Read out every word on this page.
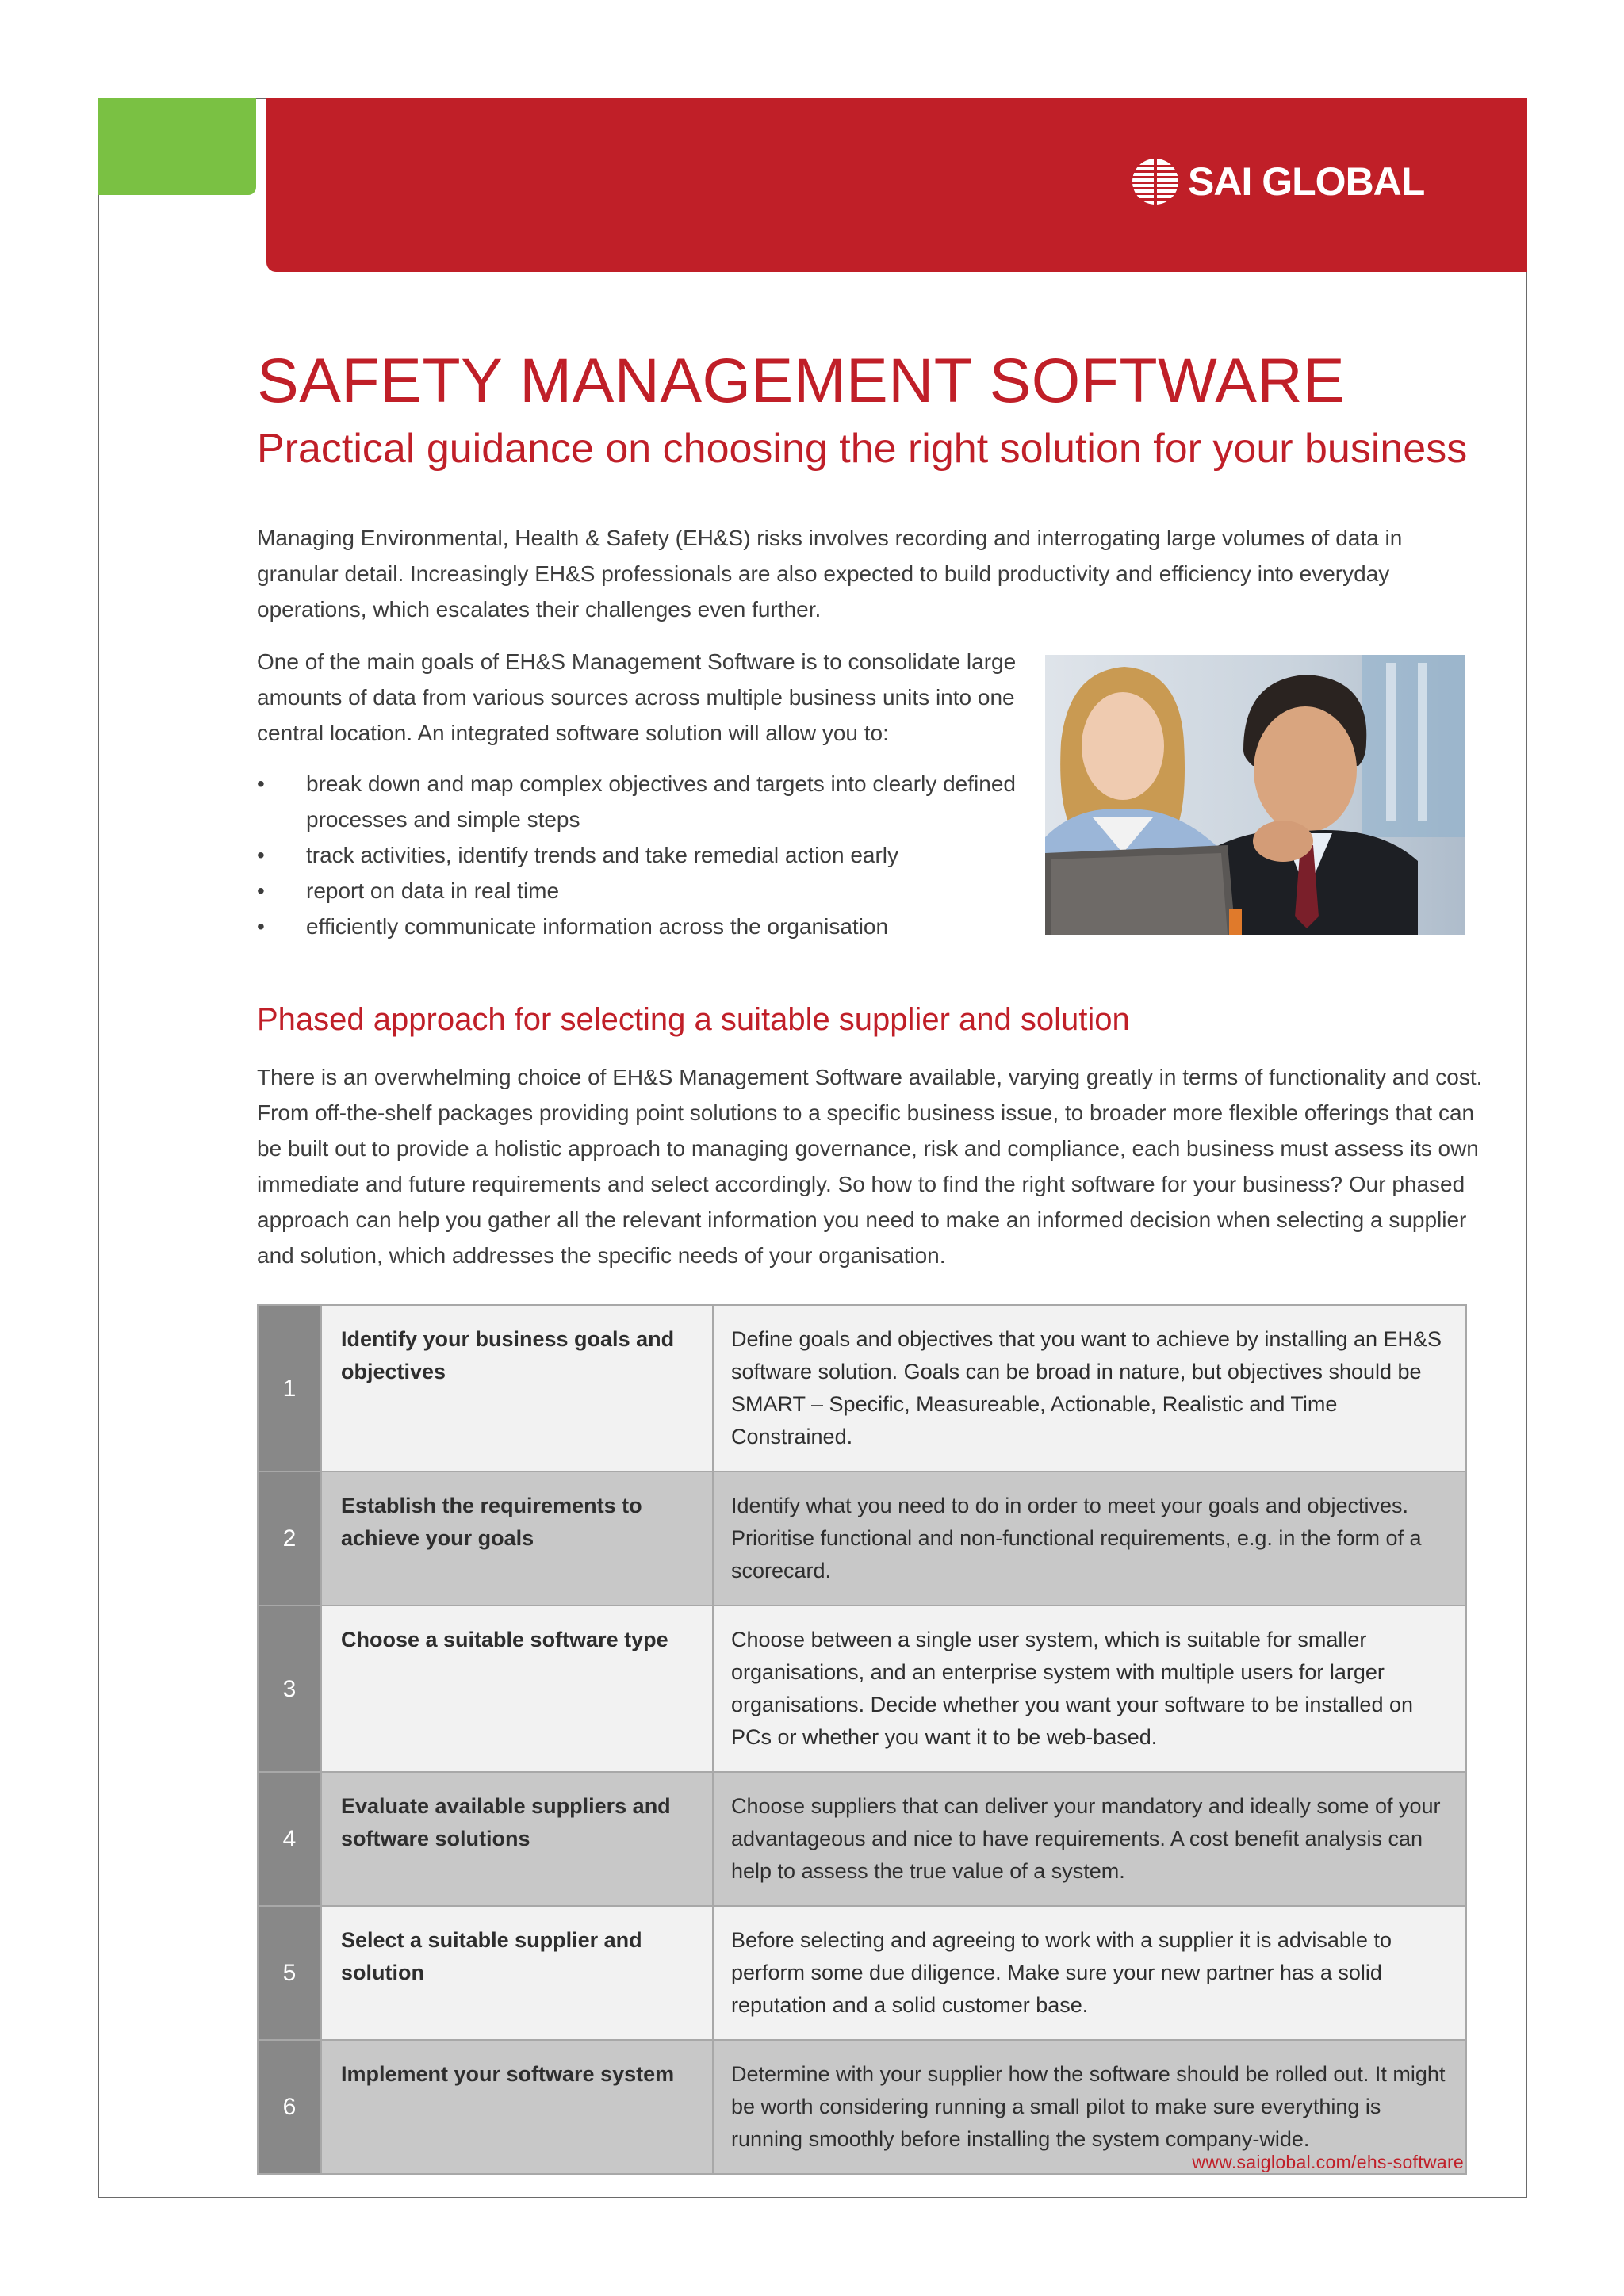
SAI GLOBAL
SAFETY MANAGEMENT SOFTWARE
Practical guidance on choosing the right solution for your business

Managing Environmental, Health & Safety (EH&S) risks involves recording and interrogating large volumes of data in granular detail. Increasingly EH&S professionals are also expected to build productivity and efficiency into everyday operations, which escalates their challenges even further.

One of the main goals of EH&S Management Software is to consolidate large amounts of data from various sources across multiple business units into one central location. An integrated software solution will allow you to:

• break down and map complex objectives and targets into clearly defined processes and simple steps
• track activities, identify trends and take remedial action early
• report on data in real time
• efficiently communicate information across the organisation
Phased approach for selecting a suitable supplier and solution

There is an overwhelming choice of EH&S Management Software available, varying greatly in terms of functionality and cost. From off-the-shelf packages providing point solutions to a specific business issue, to broader more flexible offerings that can be built out to provide a holistic approach to managing governance, risk and compliance, each business must assess its own immediate and future requirements and select accordingly. So how to find the right software for your business? Our phased approach can help you gather all the relevant information you need to make an informed decision when selecting a supplier and solution, which addresses the specific needs of your organisation.

1	Identify your business goals and objectives	Define goals and objectives that you want to achieve by installing an EH&S software solution. Goals can be broad in nature, but objectives should be SMART – Specific, Measureable, Actionable, Realistic and Time Constrained.
2	Establish the requirements to achieve your goals	Identify what you need to do in order to meet your goals and objectives. Prioritise functional and non-functional requirements, e.g. in the form of a scorecard.
3	Choose a suitable software type	Choose between a single user system, which is suitable for smaller organisations, and an enterprise system with multiple users for larger organisations. Decide whether you want your software to be installed on PCs or whether you want it to be web-based.
4	Evaluate available suppliers and software solutions	Choose suppliers that can deliver your mandatory and ideally some of your advantageous and nice to have requirements. A cost benefit analysis can help to assess the true value of a system.
5	Select a suitable supplier and solution	Before selecting and agreeing to work with a supplier it is advisable to perform some due diligence. Make sure your new partner has a solid reputation and a solid customer base.
6	Implement your software system	Determine with your supplier how the software should be rolled out. It might be worth considering running a small pilot to make sure everything is running smoothly before installing the system company-wide.
www.saiglobal.com/ehs-software
